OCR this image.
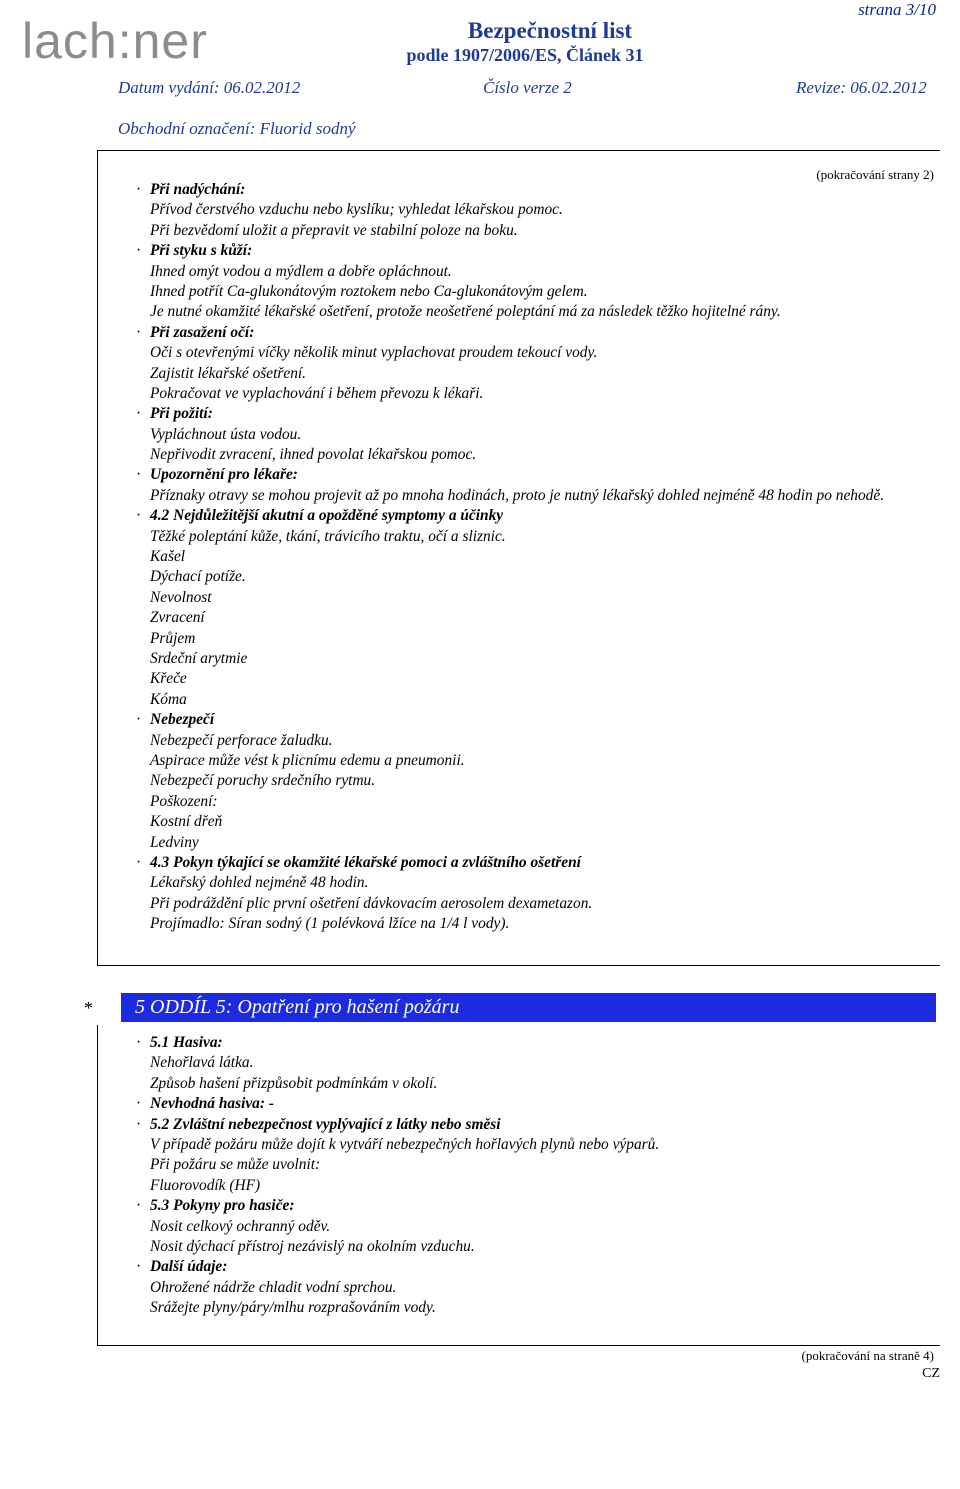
lach:ner
strana 3/10
Bezpečnostní list
podle 1907/2006/ES, Článek 31
Datum vydání: 06.02.2012	Číslo verze 2	Revize: 06.02.2012
Obchodní označení: Fluorid sodný
(pokračování strany 2)
· Při nadýchání:
Přívod čerstvého vzduchu nebo kyslíku; vyhledat lékařskou pomoc.
Při bezvědomí uložit a přepravit ve stabilní poloze na boku.
· Při styku s kůží:
Ihned omýt vodou a mýdlem a dobře opláchnout.
Ihned potřít Ca-glukonátovým roztokem nebo Ca-glukonátovým gelem.
Je nutné okamžité lékařské ošetření, protože neošetřené poleptání má za následek těžko hojitelné rány.
· Při zasažení očí:
Oči s otevřenými víčky několik minut vyplachovat proudem tekoucí vody.
Zajistit lékařské ošetření.
Pokračovat ve vyplachování i během převozu k lékaři.
· Při požití:
Vypláchnout ústa vodou.
Nepřivodit zvracení, ihned povolat lékařskou pomoc.
· Upozornění pro lékaře:
Příznaky otravy se mohou projevit až po mnoha hodinách, proto je nutný lékařský dohled nejméně 48 hodin po nehodě.
· 4.2 Nejdůležitější akutní a opožděné symptomy a účinky
Těžké poleptání kůže, tkání, trávicího traktu, očí a sliznic.
Kašel
Dýchací potíže.
Nevolnost
Zvracení
Průjem
Srdeční arytmie
Křeče
Kóma
· Nebezpečí
Nebezpečí perforace žaludku.
Aspirace může vést k plicnímu edemu a pneumonii.
Nebezpečí poruchy srdečního rytmu.
Poškození:
Kostní dřeň
Ledviny
· 4.3 Pokyn týkající se okamžité lékařské pomoci a zvláštního ošetření
Lékařský dohled nejméně 48 hodin.
Při podráždění plic první ošetření dávkovacím aerosolem dexametazon.
Projímadlo: Síran sodný (1 polévková lžíce na 1/4 l vody).
*	5 ODDÍL 5: Opatření pro hašení požáru
· 5.1 Hasiva:
Nehořlavá látka.
Způsob hašení přizpůsobit podmínkám v okolí.
· Nevhodná hasiva: -
· 5.2 Zvláštní nebezpečnost vyplývající z látky nebo směsi
V případě požáru může dojít k vytváří nebezpečných hořlavých plynů nebo výparů.
Při požáru se může uvolnit:
Fluorovodík (HF)
· 5.3 Pokyny pro hasiče:
Nosit celkový ochranný oděv.
Nosit dýchací přístroj nezávislý na okolním vzduchu.
· Další údaje:
Ohrožené nádrže chladit vodní sprchou.
Srážejte plyny/páry/mlhu rozprašováním vody.
(pokračování na straně 4)
CZ
